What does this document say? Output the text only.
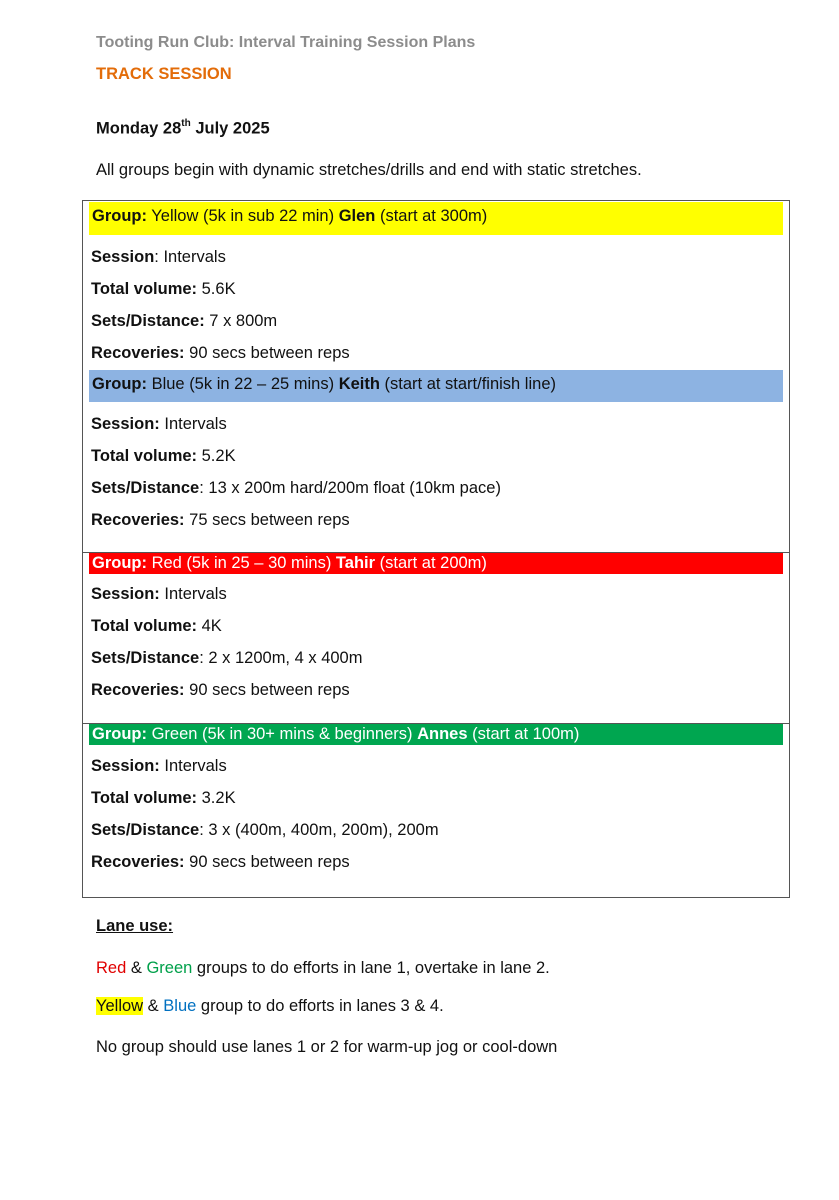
Tooting Run Club: Interval Training Session Plans
TRACK SESSION
Monday 28th July 2025
All groups begin with dynamic stretches/drills and end with static stretches.
Group: Yellow (5k in sub 22 min) Glen (start at 300m)
Session: Intervals
Total volume: 5.6K
Sets/Distance: 7 x 800m
Recoveries: 90 secs between reps
Group: Blue (5k in 22 – 25 mins) Keith (start at start/finish line)
Session: Intervals
Total volume: 5.2K
Sets/Distance: 13 x 200m hard/200m float (10km pace)
Recoveries: 75 secs between reps
Group: Red (5k in 25 – 30 mins) Tahir (start at 200m)
Session: Intervals
Total volume: 4K
Sets/Distance: 2 x 1200m, 4 x 400m
Recoveries: 90 secs between reps
Group: Green (5k in 30+ mins & beginners) Annes (start at 100m)
Session: Intervals
Total volume: 3.2K
Sets/Distance: 3 x (400m, 400m, 200m), 200m
Recoveries: 90 secs between reps
Lane use:
Red & Green groups to do efforts in lane 1, overtake in lane 2.
Yellow & Blue group to do efforts in lanes 3 & 4.
No group should use lanes 1 or 2 for warm-up jog or cool-down
